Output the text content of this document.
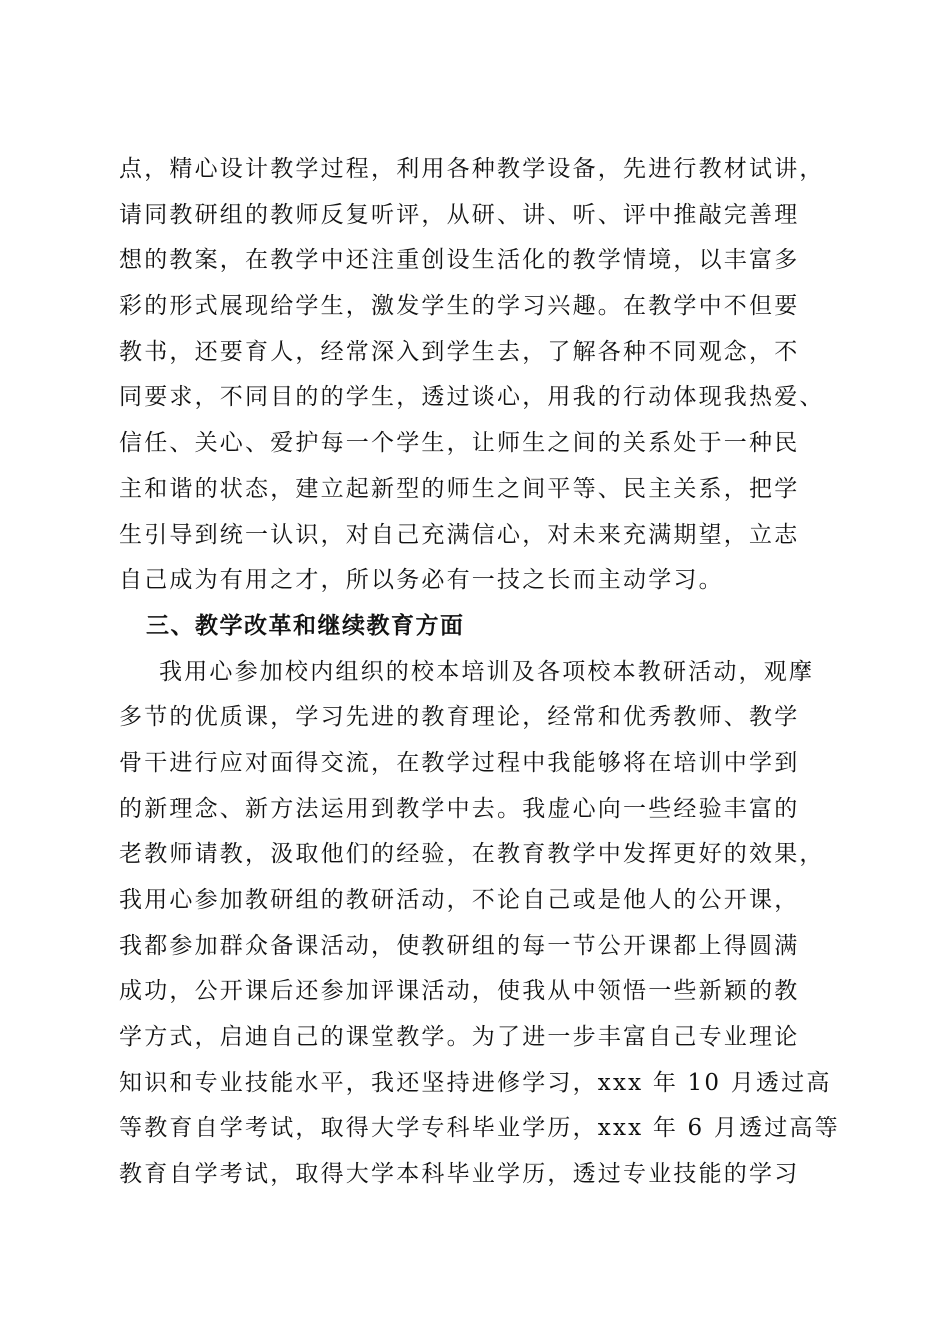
点，精心设计教学过程，利用各种教学设备，先进行教材试讲，
请同教研组的教师反复听评，从研、讲、听、评中推敲完善理
想的教案，在教学中还注重创设生活化的教学情境，以丰富多
彩的形式展现给学生，激发学生的学习兴趣。在教学中不但要
教书，还要育人，经常深入到学生去，了解各种不同观念，不
同要求，不同目的的学生，透过谈心，用我的行动体现我热爱、
信任、关心、爱护每一个学生，让师生之间的关系处于一种民
主和谐的状态，建立起新型的师生之间平等、民主关系，把学
生引导到统一认识，对自己充满信心，对未来充满期望，立志
自己成为有用之才，所以务必有一技之长而主动学习。
三、教学改革和继续教育方面
我用心参加校内组织的校本培训及各项校本教研活动，观摩
多节的优质课，学习先进的教育理论，经常和优秀教师、教学
骨干进行应对面得交流，在教学过程中我能够将在培训中学到
的新理念、新方法运用到教学中去。我虚心向一些经验丰富的
老教师请教，汲取他们的经验，在教育教学中发挥更好的效果，
我用心参加教研组的教研活动，不论自己或是他人的公开课，
我都参加群众备课活动，使教研组的每一节公开课都上得圆满
成功，公开课后还参加评课活动，使我从中领悟一些新颖的教
学方式，启迪自己的课堂教学。为了进一步丰富自己专业理论
知识和专业技能水平，我还坚持进修学习，xxx 年 10 月透过高
等教育自学考试，取得大学专科毕业学历，xxx 年 6 月透过高等
教育自学考试，取得大学本科毕业学历，透过专业技能的学习
